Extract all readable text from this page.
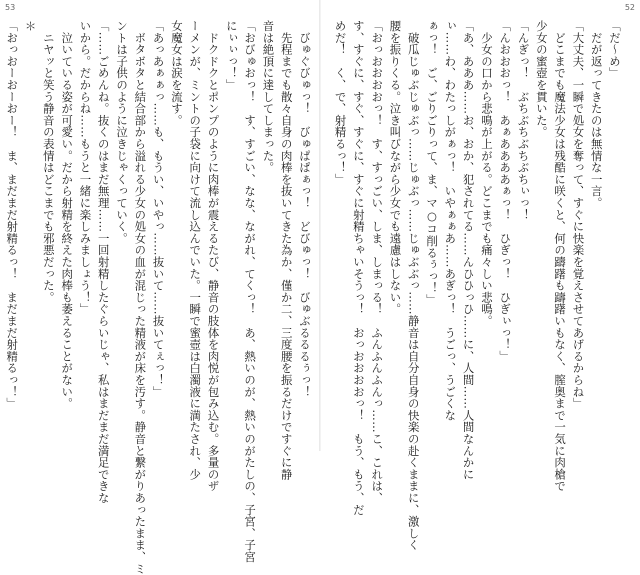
53
　びゅぐびゅっ！　びゅぱぱぁっ！　どびゅっ！　びゅぶるるるぅっ！
　先程までも散々自身の肉棒を抜いてきた為か、僅か二、三度腰を振るだけですぐに静
音は絶頂に達してしまった。
「おびゅおっ！　す、すごい、なな、ながれ、てくっ！　あ、熱いのが、熱いのがたしの、子宮、子宮
にぃぃっ！」
　ドクドクとポンプのように肉棒が震えるたび、静音の肢体を肉悦が包み込む。多量のザ
ーメンが、ミントの子袋に向けて流し込んでいた。一瞬で蜜壺は白濁液に満たされ、少
女魔女は涙を流す。
「あっあぁぁっ……も、もうい、いやっ……抜いて……抜いてぇっ！」
　ボタボタと結合部から溢れる少女の処女の血が混じった精液が床を汚す。静音と繋がりあったまま、ミ
ントは子供のように泣きじゃくっていく。
「……ごめんね。抜くのはまだ無理……一回射精したぐらいじゃ、私はまだまだ満足できな
いから。だからね……もうと一緒に楽しみましょう！」
　泣いている姿が可愛い。だから射精を終えた肉棒も萎えることがない。
　ニヤッと笑う静音の表情はどこまでも邪悪だった。
＊
「おっおーおーおー！　ま、まだまだ射精るっ！　まだまだ射精るっ！」
52
「だ～め」
　だが返ってきたのは無情な一言。
「大丈夫、一瞬で処女を奪って、すぐに快楽を覚えさせてあげるからね」
　どこまでも魔法少女は残酷に咲くと、何の躊躇も躊躇いもなく、膣奥まで一気に肉槍で
少女の蜜壺を貫いた。
「んぎっ！　ぶちぶちぶちぶちぃっ！
「んおおおっ！　あぁああああぁっ！　ひぎっ！　ひぎぃっ！」
　少女の口から悲鳴が上がる。どこまでも痛々しい悲鳴。
「あ、あああ……お、おか、犯されてる……んひひっひ……に、人間……人間なんかに
ぃ……わ、わたっしがぁっ！　いやぁぁあ……あぎっ！　うごっ、うごくな
ぁっ！　ご、ごりごりって、ま、マ○コ削るぅっ！」
　破瓜じゅぶじゅぶっ……じゅぶっ……じゅぶぶっ……静音は自分自身の快楽の赴くままに、激しく
腰を振りくる。泣き叫びながら少女でも遠慮はしない。
「おっおおおおっ！　す、すっごい、しま、しまっる！　ふんふんふんっ……こ、これは、
す、すぐに、すぐ、すぐに、すぐに射精ちゃいそうっ！　おっおおおおっ！　もう、もう、だ
めだ！　く、で、射精るっ！」
